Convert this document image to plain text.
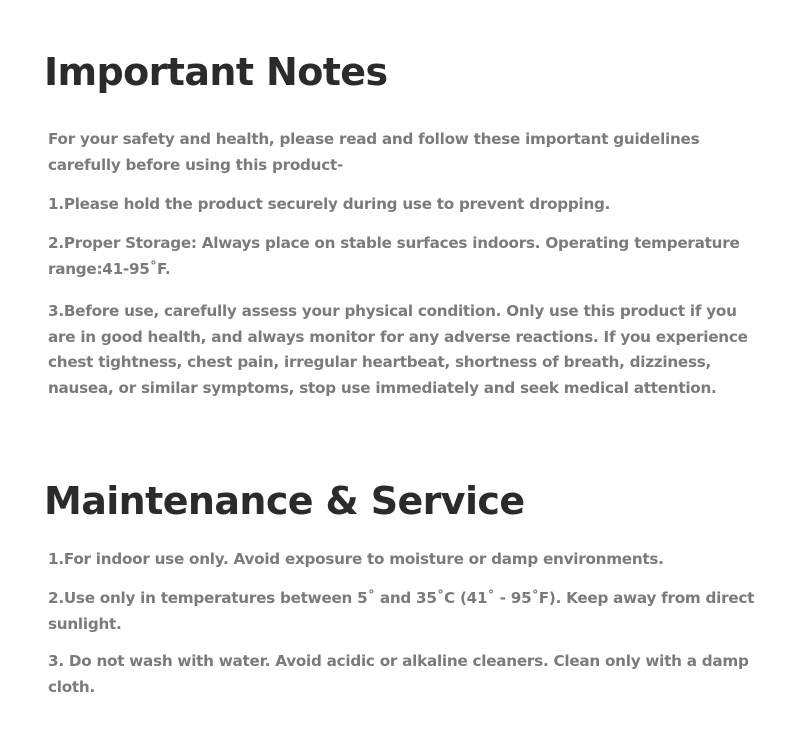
Important Notes

For your safety and health, please read and follow these important guidelines carefully before using this product-

1.Please hold the product securely during use to prevent dropping.

2.Proper Storage: Always place on stable surfaces indoors. Operating temperature range:41-95˚F.

3.Before use, carefully assess your physical condition. Only use this product if you are in good health, and always monitor for any adverse reactions. If you experience chest tightness, chest pain, irregular heartbeat, shortness of breath, dizziness, nausea, or similar symptoms, stop use immediately and seek medical attention.

Maintenance & Service

1.For indoor use only. Avoid exposure to moisture or damp environments.

2.Use only in temperatures between 5˚ and 35˚C (41˚ - 95˚F). Keep away from direct sunlight.

3. Do not wash with water. Avoid acidic or alkaline cleaners. Clean only with a damp cloth.
